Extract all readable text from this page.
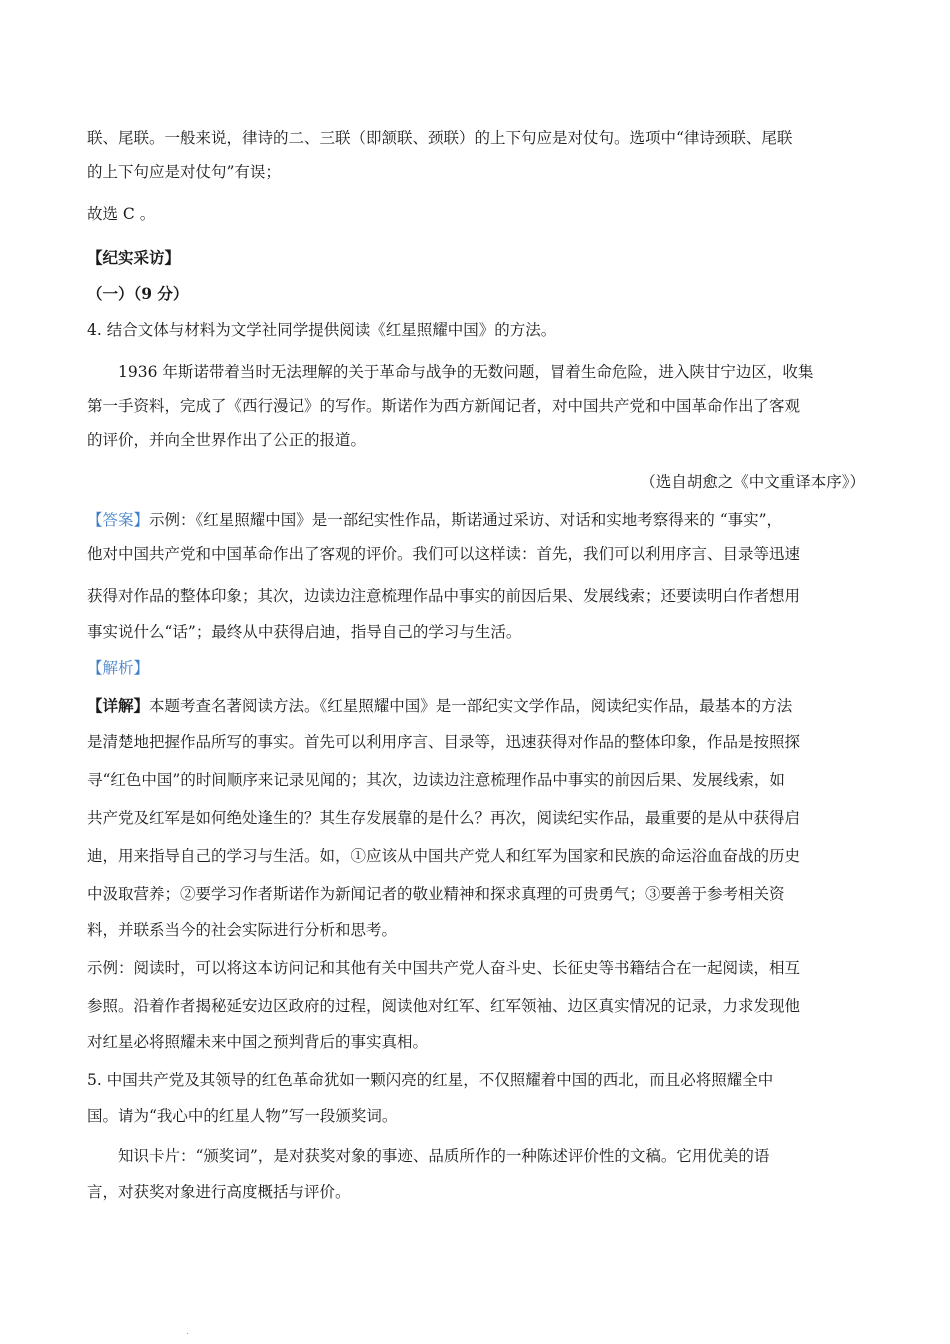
联、尾联。一般来说，律诗的二、三联（即颔联、颈联）的上下句应是对仗句。选项中“律诗颈联、尾联
的上下句应是对仗句”有误；
故选 C 。
【纪实采访】
（一）（9 分）
4. 结合文体与材料为文学社同学提供阅读《红星照耀中国》的方法。
1936 年斯诺带着当时无法理解的关于革命与战争的无数问题，冒着生命危险，进入陕甘宁边区，收集
第一手资料，完成了《西行漫记》的写作。斯诺作为西方新闻记者，对中国共产党和中国革命作出了客观
的评价，并向全世界作出了公正的报道。
（选自胡愈之《中文重译本序》）
【答案】示例：《红星照耀中国》是一部纪实性作品，斯诺通过采访、对话和实地考察得来的 “事实”，
他对中国共产党和中国革命作出了客观的评价。我们可以这样读：首先，我们可以利用序言、目录等迅速
获得对作品的整体印象；其次，边读边注意梳理作品中事实的前因后果、发展线索；还要读明白作者想用
事实说什么“话”；最终从中获得启迪，指导自己的学习与生活。
【解析】
【详解】本题考查名著阅读方法。《红星照耀中国》是一部纪实文学作品，阅读纪实作品，最基本的方法
是清楚地把握作品所写的事实。首先可以利用序言、目录等，迅速获得对作品的整体印象，作品是按照探
寻“红色中国”的时间顺序来记录见闻的；其次，边读边注意梳理作品中事实的前因后果、发展线索，如
共产党及红军是如何绝处逢生的？其生存发展靠的是什么？再次，阅读纪实作品，最重要的是从中获得启
迪，用来指导自己的学习与生活。如，①应该从中国共产党人和红军为国家和民族的命运浴血奋战的历史
中汲取营养；②要学习作者斯诺作为新闻记者的敬业精神和探求真理的可贵勇气；③要善于参考相关资
料，并联系当今的社会实际进行分析和思考。
示例：阅读时，可以将这本访问记和其他有关中国共产党人奋斗史、长征史等书籍结合在一起阅读，相互
参照。沿着作者揭秘延安边区政府的过程，阅读他对红军、红军领袖、边区真实情况的记录，力求发现他
对红星必将照耀未来中国之预判背后的事实真相。
5. 中国共产党及其领导的红色革命犹如一颗闪亮的红星，不仅照耀着中国的西北，而且必将照耀全中
国。请为“我心中的红星人物”写一段颁奖词。
知识卡片：“颁奖词”，是对获奖对象的事迹、品质所作的一种陈述评价性的文稿。它用优美的语
言，对获奖对象进行高度概括与评价。
.
